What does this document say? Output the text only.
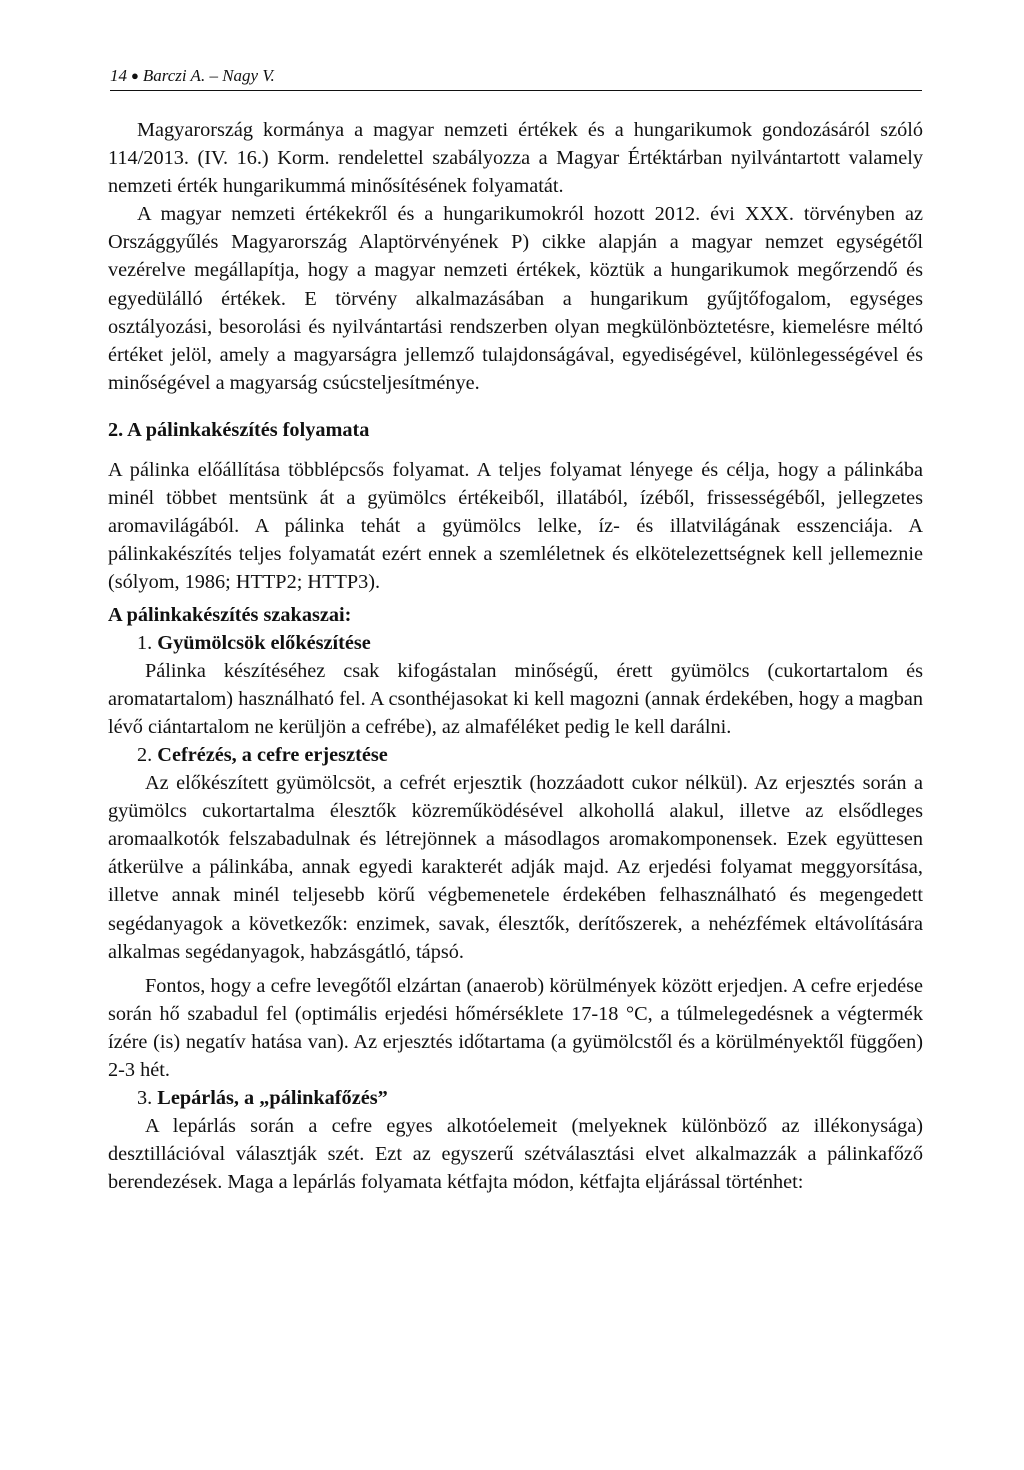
14 ● Barczi A. – Nagy V.

Magyarország kormánya a magyar nemzeti értékek és a hungarikumok gondozásáról szóló 114/2013. (IV. 16.) Korm. rendelettel szabályozza a Magyar Értéktárban nyilvántartott valamely nemzeti érték hungarikummá minősítésének folyamatát.

A magyar nemzeti értékekről és a hungarikumokról hozott 2012. évi XXX. törvényben az Országgyűlés Magyarország Alaptörvényének P) cikke alapján a magyar nemzet egységétől vezérelve megállapítja, hogy a magyar nemzeti értékek, köztük a hungarikumok megőrzendő és egyedülálló értékek. E törvény alkalmazásában a hungarikum gyűjtőfogalom, egységes osztályozási, besorolási és nyilvántartási rendszerben olyan megkülönböztetésre, kiemelésre méltó értéket jelöl, amely a magyarságra jellemző tulajdonságával, egyediségével, különlegességével és minőségével a magyarság csúcsteljesítménye.

2. A pálinkakészítés folyamata

A pálinka előállítása többlépcsős folyamat. A teljes folyamat lényege és célja, hogy a pálinkába minél többet mentsünk át a gyümölcs értékeiből, illatából, ízéből, frissességéből, jellegzetes aromavilágából. A pálinka tehát a gyümölcs lelke, íz- és illatvilágának esszenciája. A pálinkakészítés teljes folyamatát ezért ennek a szemléletnek és elkötelezettségnek kell jellemeznie (sólyom, 1986; HTTP2; HTTP3).

A pálinkakészítés szakaszai:

1. Gyümölcsök előkészítése

Pálinka készítéséhez csak kifogástalan minőségű, érett gyümölcs (cukortartalom és aromatartalom) használható fel. A csonthéjasokat ki kell magozni (annak érdekében, hogy a magban lévő ciántartalom ne kerüljön a cefrébe), az almaféléket pedig le kell darálni.

2. Cefrézés, a cefre erjesztése

Az előkészített gyümölcsöt, a cefrét erjesztik (hozzáadott cukor nélkül). Az erjesztés során a gyümölcs cukortartalma élesztők közreműködésével alkohollá alakul, illetve az elsődleges aromaalkotók felszabadulnak és létrejönnek a másodlagos aromakomponensek. Ezek együttesen átkerülve a pálinkába, annak egyedi karakterét adják majd. Az erjedési folyamat meggyorsítása, illetve annak minél teljesebb körű végbemenetele érdekében felhasználható és megengedett segédanyagok a következők: enzimek, savak, élesztők, derítőszerek, a nehézfémek eltávolítására alkalmas segédanyagok, habzásgátló, tápsó.

Fontos, hogy a cefre levegőtől elzártan (anaerob) körülmények között erjedjen. A cefre erjedése során hő szabadul fel (optimális erjedési hőmérséklete 17-18 °C, a túlmelegedésnek a végtermék ízére (is) negatív hatása van). Az erjesztés időtartama (a gyümölcstől és a körülményektől függően) 2-3 hét.

3. Lepárlás, a „pálinkafőzés”

A lepárlás során a cefre egyes alkotóelemeit (melyeknek különböző az illékonysága) desztillációval választják szét. Ezt az egyszerű szétválasztási elvet alkalmazzák a pálinkafőző berendezések. Maga a lepárlás folyamata kétfajta módon, kétfajta eljárással történhet:
